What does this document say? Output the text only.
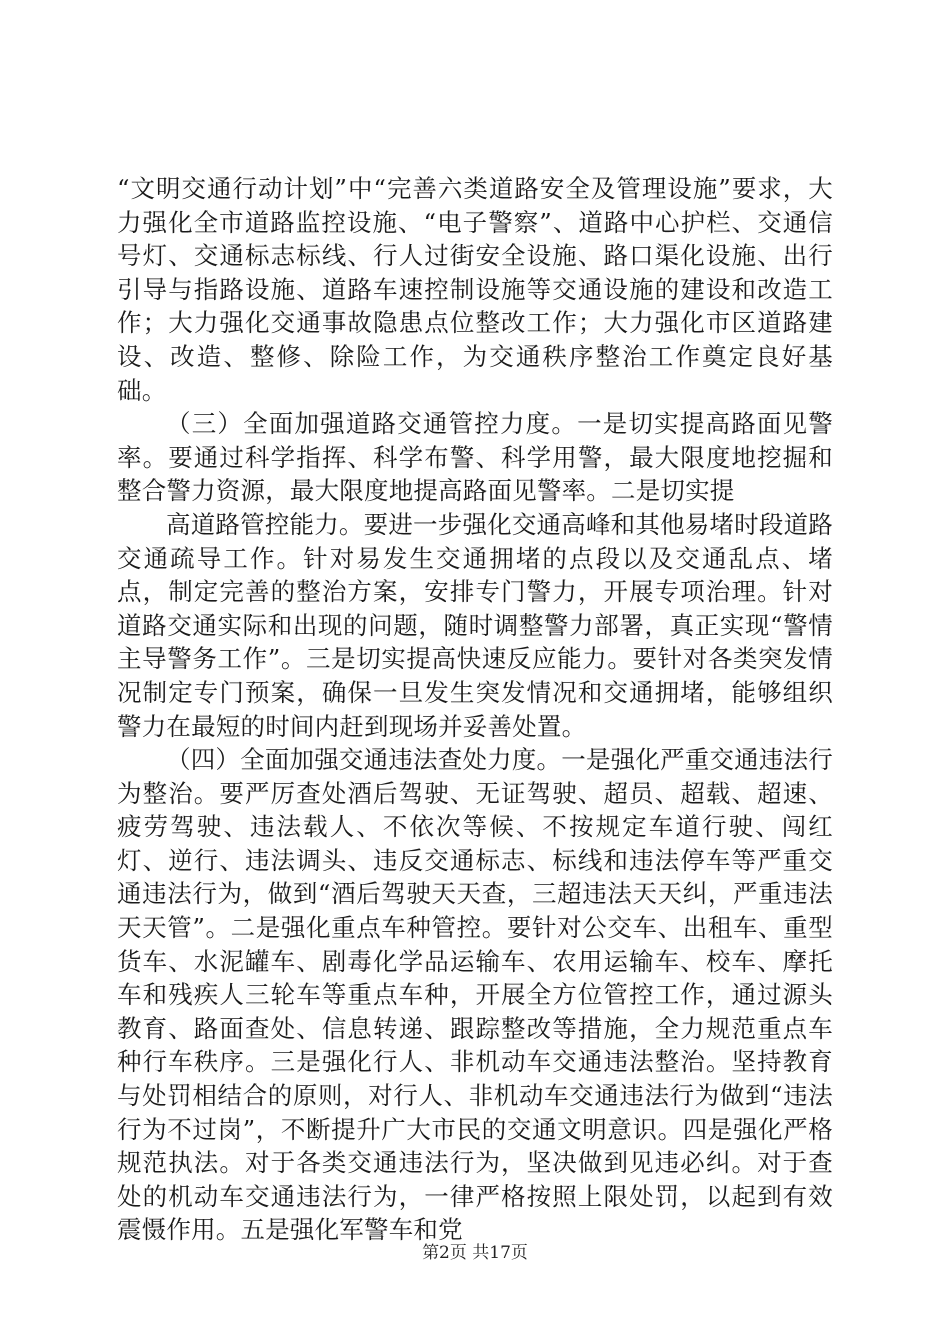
“文明交通行动计划”中“完善六类道路安全及管理设施”要求，大力强化全市道路监控设施、“电子警察”、道路中心护栏、交通信号灯、交通标志标线、行人过街安全设施、路口渠化设施、出行引导与指路设施、道路车速控制设施等交通设施的建设和改造工作；大力强化交通事故隐患点位整改工作；大力强化市区道路建设、改造、整修、除险工作，为交通秩序整治工作奠定良好基础。

（三）全面加强道路交通管控力度。一是切实提高路面见警率。要通过科学指挥、科学布警、科学用警，最大限度地挖掘和整合警力资源，最大限度地提高路面见警率。二是切实提

高道路管控能力。要进一步强化交通高峰和其他易堵时段道路交通疏导工作。针对易发生交通拥堵的点段以及交通乱点、堵点，制定完善的整治方案，安排专门警力，开展专项治理。针对道路交通实际和出现的问题，随时调整警力部署，真正实现“警情主导警务工作”。三是切实提高快速反应能力。要针对各类突发情况制定专门预案，确保一旦发生突发情况和交通拥堵，能够组织警力在最短的时间内赶到现场并妥善处置。

（四）全面加强交通违法查处力度。一是强化严重交通违法行为整治。要严厉查处酒后驾驶、无证驾驶、超员、超载、超速、疲劳驾驶、违法载人、不依次等候、不按规定车道行驶、闯红灯、逆行、违法调头、违反交通标志、标线和违法停车等严重交通违法行为，做到“酒后驾驶天天查，三超违法天天纠，严重违法天天管”。二是强化重点车种管控。要针对公交车、出租车、重型货车、水泥罐车、剧毒化学品运输车、农用运输车、校车、摩托车和残疾人三轮车等重点车种，开展全方位管控工作，通过源头教育、路面查处、信息转递、跟踪整改等措施，全力规范重点车种行车秩序。三是强化行人、非机动车交通违法整治。坚持教育与处罚相结合的原则，对行人、非机动车交通违法行为做到“违法行为不过岗”，不断提升广大市民的交通文明意识。四是强化严格规范执法。对于各类交通违法行为，坚决做到见违必纠。对于查处的机动车交通违法行为，一律严格按照上限处罚，以起到有效震慑作用。五是强化军警车和党

第2页 共17页
